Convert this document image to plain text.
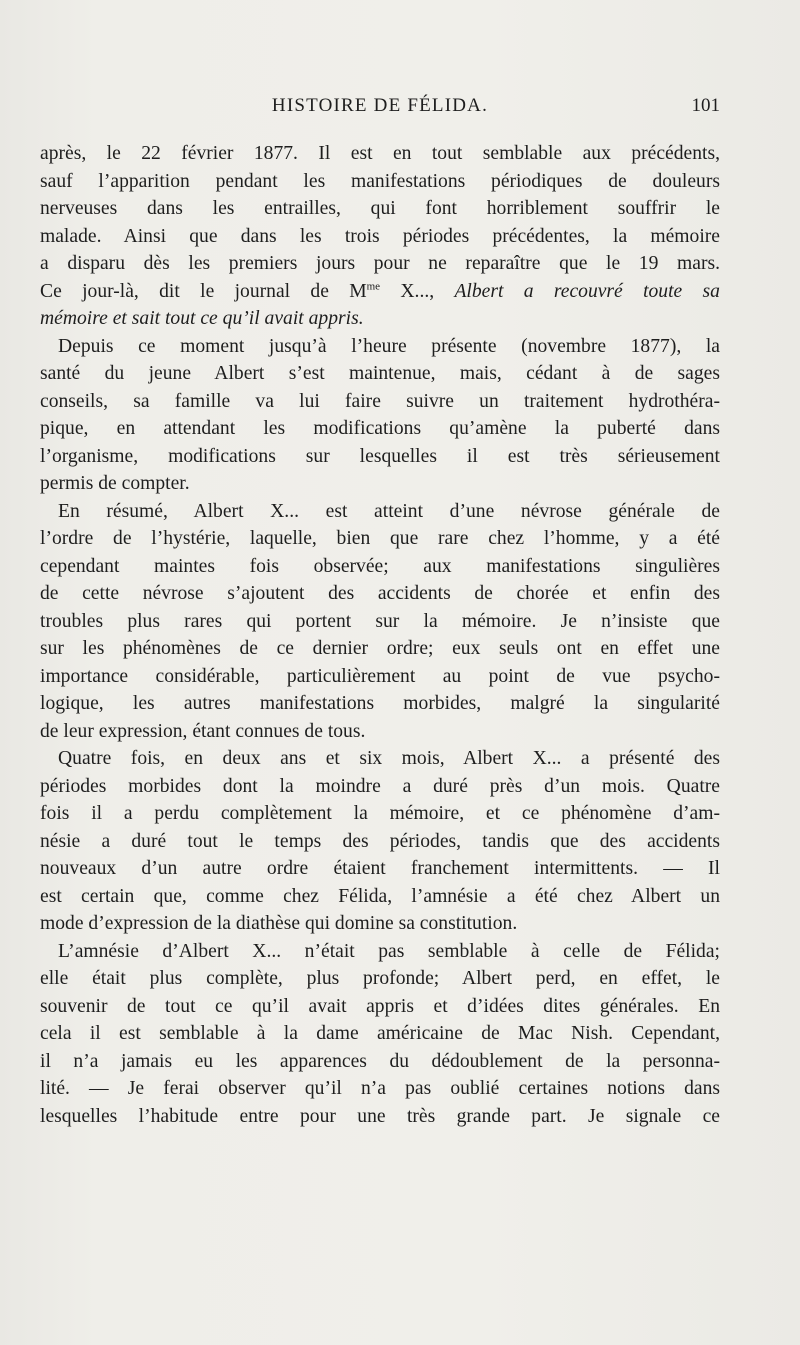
HISTOIRE DE FÉLIDA.	101
après, le 22 février 1877. Il est en tout semblable aux précédents,
sauf l’apparition pendant les manifestations périodiques de douleurs
nerveuses dans les entrailles, qui font horriblement souffrir le
malade. Ainsi que dans les trois périodes précédentes, la mémoire
a disparu dès les premiers jours pour ne reparaître que le 19 mars.
Ce jour-là, dit le journal de $M^{me}$ X..., Albert a recouvré toute sa
mémoire et sait tout ce qu’il avait appris.
Depuis ce moment jusqu’à l’heure présente (novembre 1877), la
santé du jeune Albert s’est maintenue, mais, cédant à de sages
conseils, sa famille va lui faire suivre un traitement hydrothéra-
pique, en attendant les modifications qu’amène la puberté dans
l’organisme, modifications sur lesquelles il est très sérieusement
permis de compter.
En résumé, Albert X... est atteint d’une névrose générale de
l’ordre de l’hystérie, laquelle, bien que rare chez l’homme, y a été
cependant maintes fois observée; aux manifestations singulières
de cette névrose s’ajoutent des accidents de chorée et enfin des
troubles plus rares qui portent sur la mémoire. Je n’insiste que
sur les phénomènes de ce dernier ordre; eux seuls ont en effet une
importance considérable, particulièrement au point de vue psycho-
logique, les autres manifestations morbides, malgré la singularité
de leur expression, étant connues de tous.
Quatre fois, en deux ans et six mois, Albert X... a présenté des
périodes morbides dont la moindre a duré près d’un mois. Quatre
fois il a perdu complètement la mémoire, et ce phénomène d’am-
nésie a duré tout le temps des périodes, tandis que des accidents
nouveaux d’un autre ordre étaient franchement intermittents. — Il
est certain que, comme chez Félida, l’amnésie a été chez Albert un
mode d’expression de la diathèse qui domine sa constitution.
L’amnésie d’Albert X... n’était pas semblable à celle de Félida;
elle était plus complète, plus profonde; Albert perd, en effet, le
souvenir de tout ce qu’il avait appris et d’idées dites générales. En
cela il est semblable à la dame américaine de Mac Nish. Cependant,
il n’a jamais eu les apparences du dédoublement de la personna-
lité. — Je ferai observer qu’il n’a pas oublié certaines notions dans
lesquelles l’habitude entre pour une très grande part. Je signale ce
